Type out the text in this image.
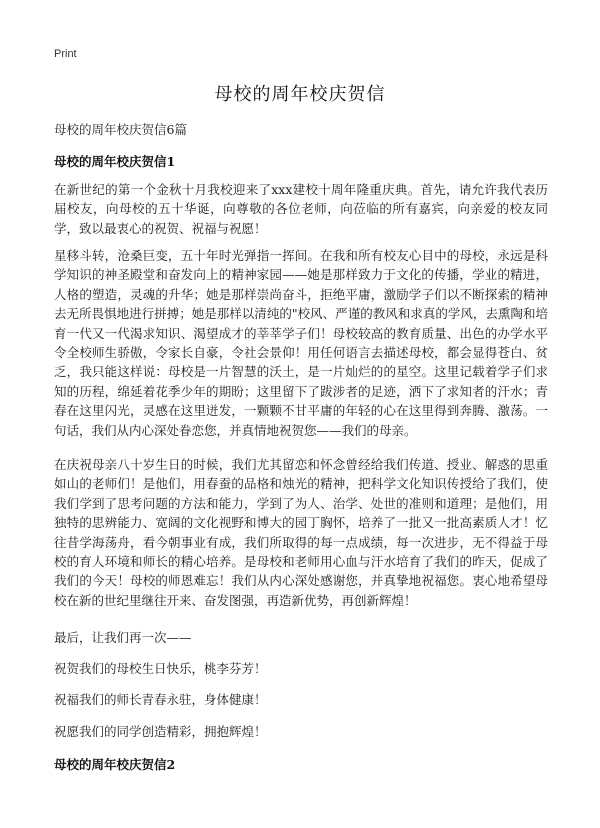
Print
母校的周年校庆贺信
母校的周年校庆贺信6篇
母校的周年校庆贺信1

在新世纪的第一个金秋十月我校迎来了xxx建校十周年隆重庆典。首先，请允许我代表历届校友，向母校的五十华诞，向尊敬的各位老师，向莅临的所有嘉宾，向亲爱的校友同学，致以最衷心的祝贺、祝福与祝愿！

星移斗转，沧桑巨变，五十年时光弹指一挥间。在我和所有校友心目中的母校，永远是科学知识的神圣殿堂和奋发向上的精神家园——她是那样致力于文化的传播，学业的精进，人格的塑造，灵魂的升华；她是那样崇尚奋斗，拒绝平庸，激励学子们以不断探索的精神去无所畏惧地进行拼搏；她是那样以清纯的"校风、严谨的教风和求真的学风，去熏陶和培育一代又一代渴求知识、渴望成才的莘莘学子们！母校较高的教育质量、出色的办学水平令全校师生骄傲，令家长自豪，令社会景仰！用任何语言去描述母校，都会显得苍白、贫乏，我只能这样说：母校是一片智慧的沃土，是一片灿烂的的星空。这里记载着学子们求知的历程，绵延着花季少年的期盼；这里留下了跋涉者的足迹，洒下了求知者的汗水；青春在这里闪光，灵感在这里迸发，一颗颗不甘平庸的年轻的心在这里得到奔腾、激荡。一句话，我们从内心深处眷恋您，并真情地祝贺您——我们的母亲。

在庆祝母亲八十岁生日的时候，我们尤其留恋和怀念曾经给我们传道、授业、解惑的思重如山的老师们！是他们，用春蚕的品格和烛光的精神，把科学文化知识传授给了我们，使我们学到了思考问题的方法和能力，学到了为人、治学、处世的准则和道理；是他们，用独特的思辨能力、宽阔的文化视野和博大的园丁胸怀，培养了一批又一批高素质人才！忆往昔学海荡舟，看今朝事业有成，我们所取得的每一点成绩，每一次进步，无不得益于母校的育人环境和师长的精心培养。是母校和老师用心血与汗水培育了我们的昨天，促成了我们的今天！母校的师恩难忘！我们从内心深处感谢您，并真挚地祝福您。衷心地希望母校在新的世纪里继往开来、奋发图强，再造新优势，再创新辉煌！

最后，让我们再一次——
祝贺我们的母校生日快乐，桃李芬芳！
祝福我们的师长青春永驻，身体健康！
祝愿我们的同学创造精彩，拥抱辉煌！
母校的周年校庆贺信2
